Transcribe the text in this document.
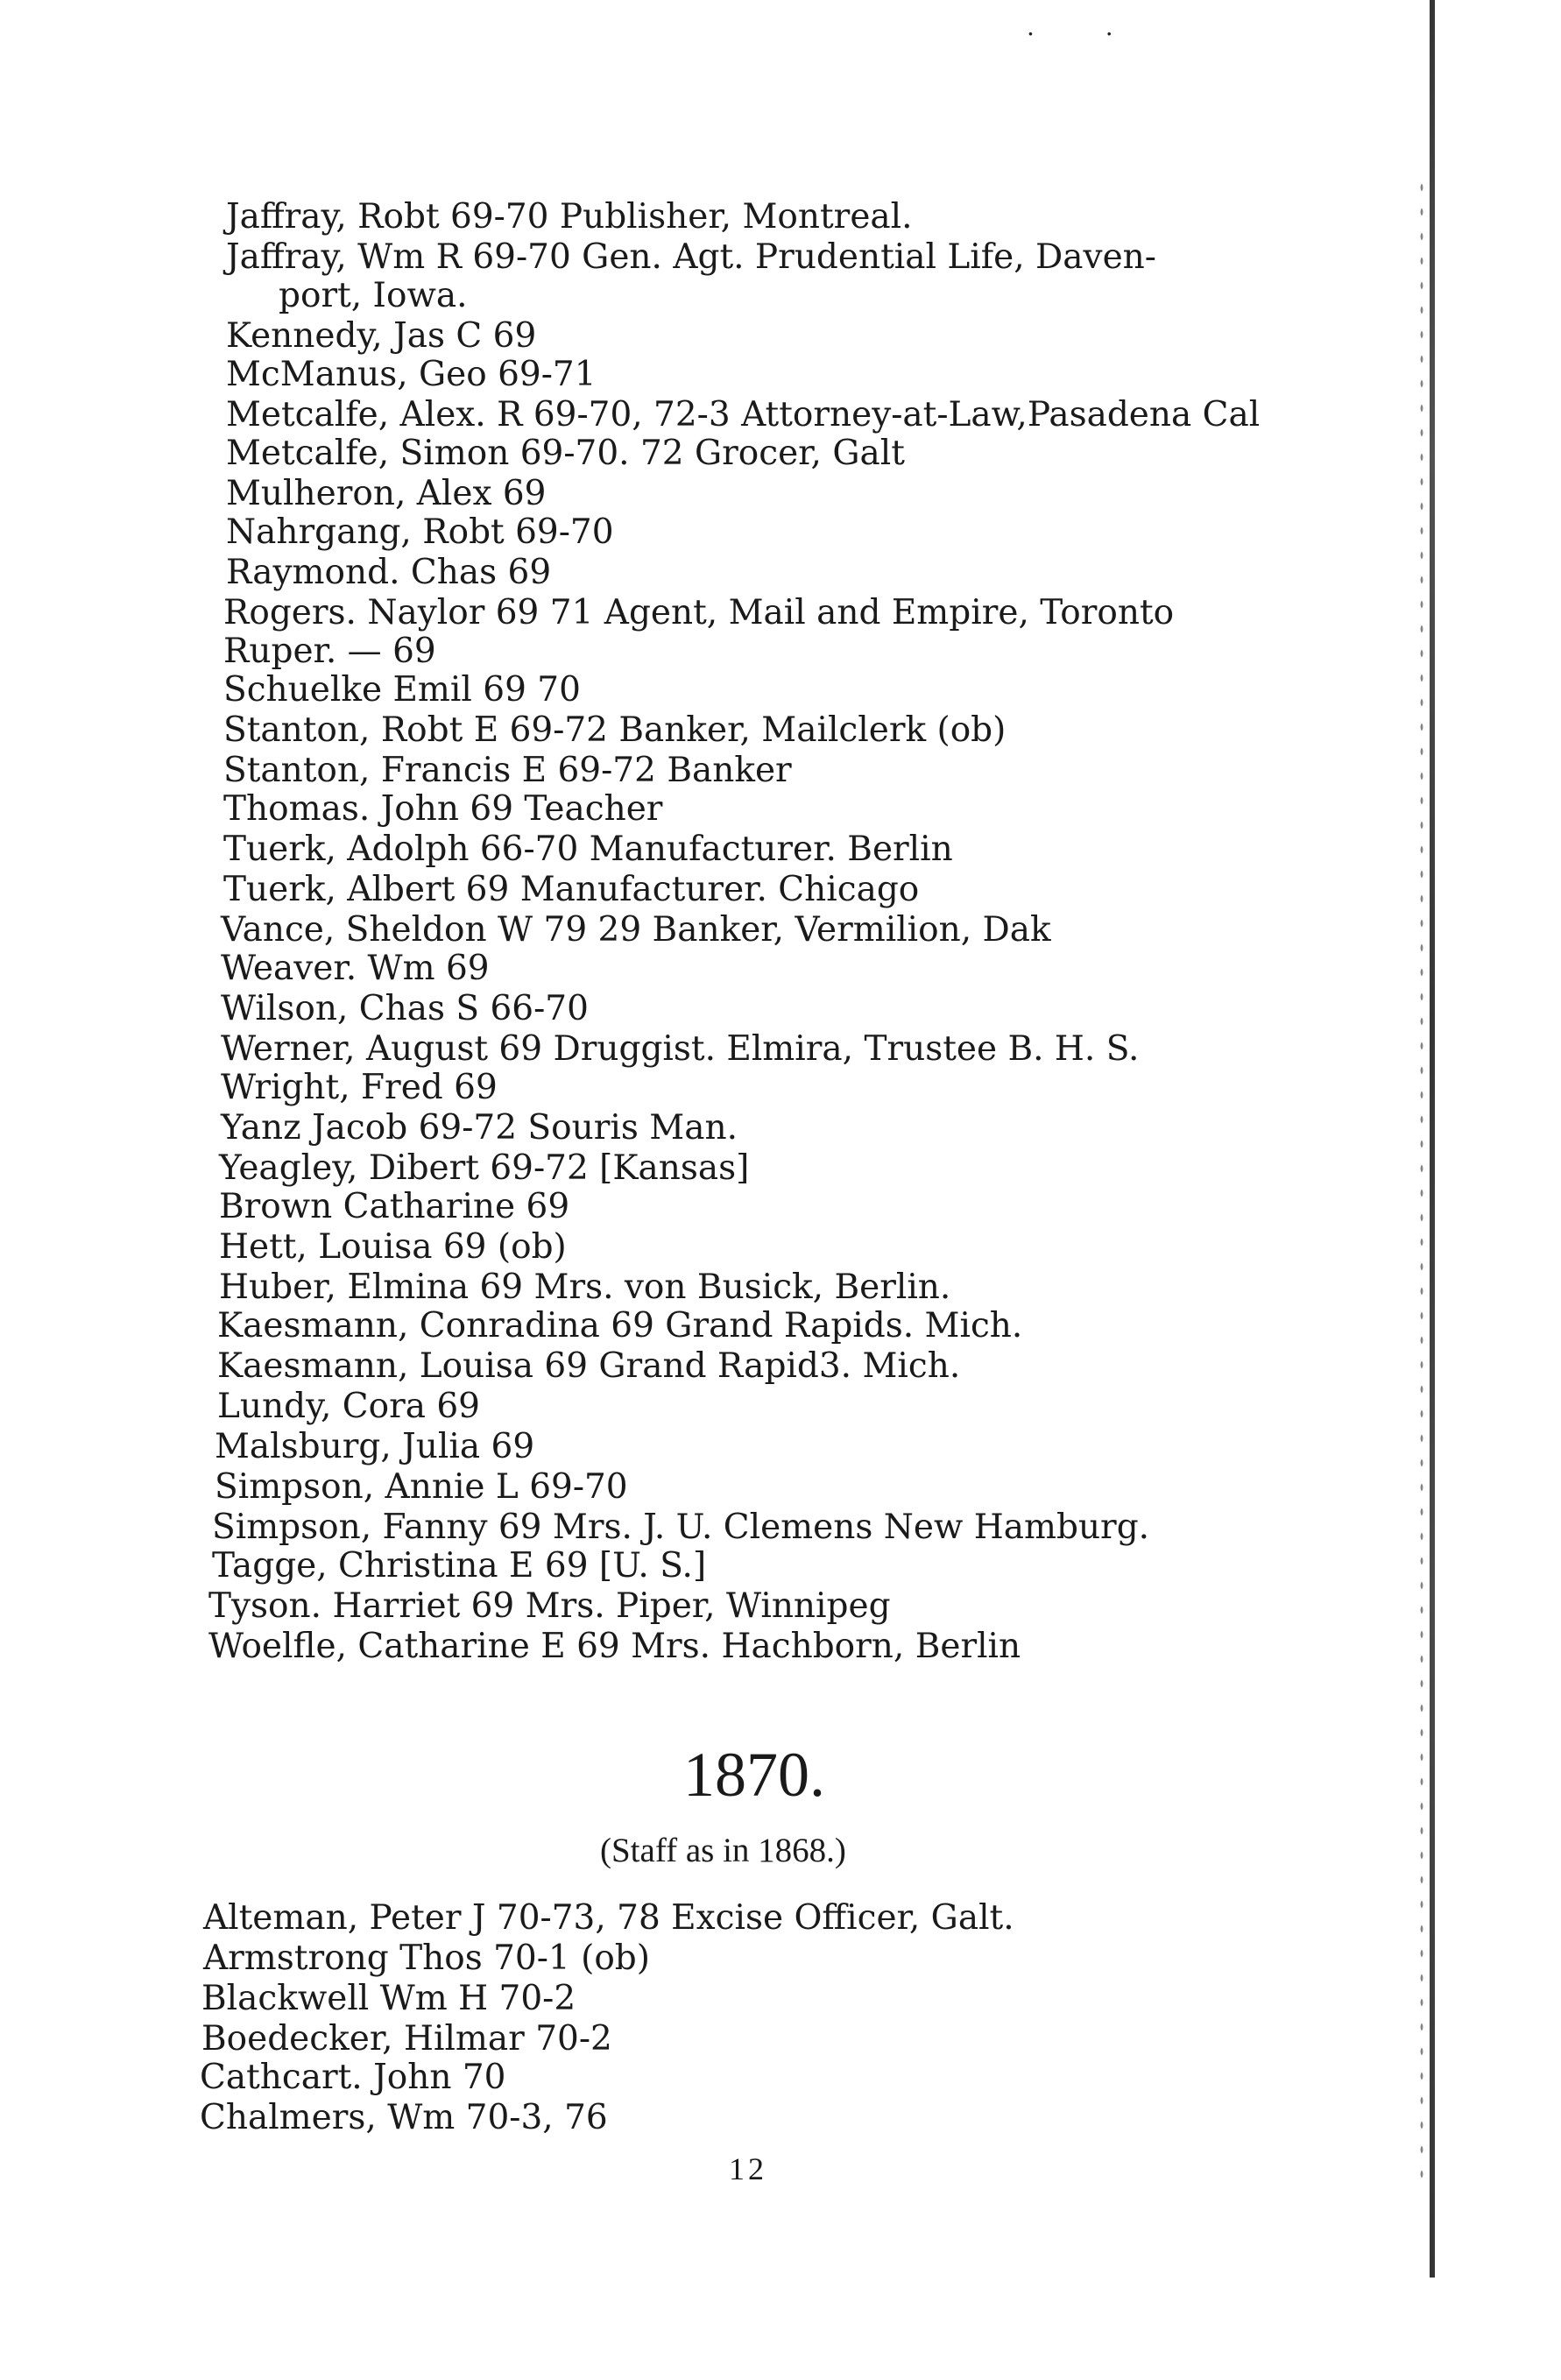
. .
Jaffray, Robt 69-70 Publisher, Montreal.
Jaffray, Wm R 69-70 Gen. Agt. Prudential Life, Daven-
port, Iowa.
Kennedy, Jas C 69
McManus, Geo 69-71
Metcalfe, Alex. R 69-70, 72-3 Attorney-at-Law,Pasadena Cal
Metcalfe, Simon 69-70. 72 Grocer, Galt
Mulheron, Alex 69
Nahrgang, Robt 69-70
Raymond. Chas 69
Rogers. Naylor 69 71 Agent, Mail and Empire, Toronto
Ruper. — 69
Schuelke Emil 69 70
Stanton, Robt E 69-72 Banker, Mailclerk (ob)
Stanton, Francis E 69-72 Banker
Thomas. John 69 Teacher
Tuerk, Adolph 66-70 Manufacturer. Berlin
Tuerk, Albert 69 Manufacturer. Chicago
Vance, Sheldon W 79 29 Banker, Vermilion, Dak
Weaver. Wm 69
Wilson, Chas S 66-70
Werner, August 69 Druggist. Elmira, Trustee B. H. S.
Wright, Fred 69
Yanz Jacob 69-72 Souris Man.
Yeagley, Dibert 69-72 [Kansas]
Brown Catharine 69
Hett, Louisa 69 (ob)
Huber, Elmina 69 Mrs. von Busick, Berlin.
Kaesmann, Conradina 69 Grand Rapids. Mich.
Kaesmann, Louisa 69 Grand Rapid3. Mich.
Lundy, Cora 69
Malsburg, Julia 69
Simpson, Annie L 69-70
Simpson, Fanny 69 Mrs. J. U. Clemens New Hamburg.
Tagge, Christina E 69 [U. S.]
Tyson. Harriet 69 Mrs. Piper, Winnipeg
Woelfle, Catharine E 69 Mrs. Hachborn, Berlin
1870.
(Staff as in 1868.)
Alteman, Peter J 70-73, 78 Excise Officer, Galt.
Armstrong Thos 70-1 (ob)
Blackwell Wm H 70-2
Boedecker, Hilmar 70-2
Cathcart. John 70
Chalmers, Wm 70-3, 76
12
